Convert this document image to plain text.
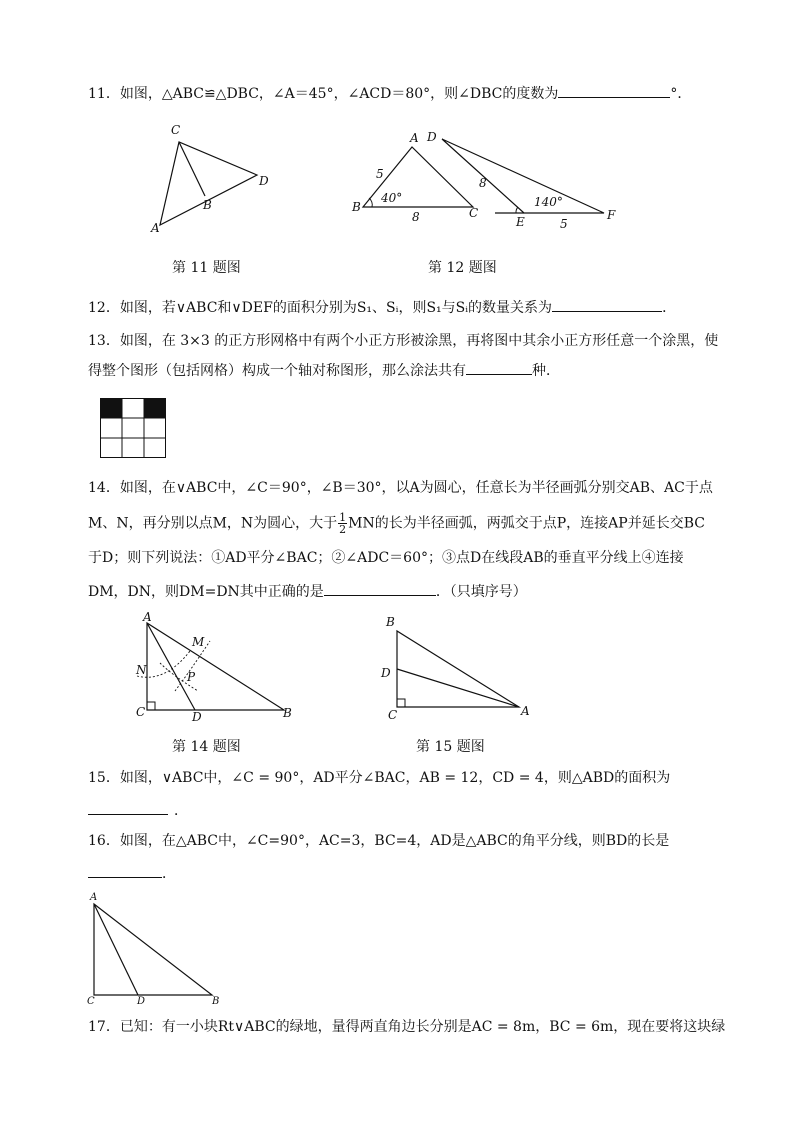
11．如图，△ABC≌△DBC，∠A＝45°，∠ACD＝80°，则∠DBC的度数为	°．
C
A
B
D
第 11 题图
A
B	C
5
40°
8
D
8
140°
E	5
F
第 12 题图
12．如图，若∨ABC和∨DEF的面积分别为S₁、Sᵢ，则S₁与Sᵢ的数量关系为	．
13．如图，在 3×3 的正方形网格中有两个小正方形被涂黑，再将图中其余小正方形任意一个涂黑，使
得整个图形（包括网格）构成一个轴对称图形，那么涂法共有	种．
14．如图，在∨ABC中，∠C＝90°，∠B＝30°，以A为圆心，任意长为半径画弧分别交AB、AC于点
M、N，再分别以点M，N为圆心，大于 $\frac{1}{2}$ MN的长为半径画弧，两弧交于点P，连接AP并延长交BC
于D；则下列说法：①AD平分∠BAC；②∠ADC＝60°；③点D在线段AB的垂直平分线上④连接
DM，DN，则DM=DN其中正确的是	．（只填序号）
A
M
N	P
C	D	B
第 14 题图
B
D
C	A
第 15 题图
15．如图，∨ABC中，∠C = 90°，AD平分∠BAC，AB = 12，CD = 4，则△ABD的面积为
．
16．如图，在△ABC中，∠C=90°，AC=3，BC=4，AD是△ABC的角平分线，则BD的长是
．
A
C	D	B
17．已知：有一小块Rt∨ABC的绿地，量得两直角边长分别是AC = 8m，BC = 6m，现在要将这块绿
